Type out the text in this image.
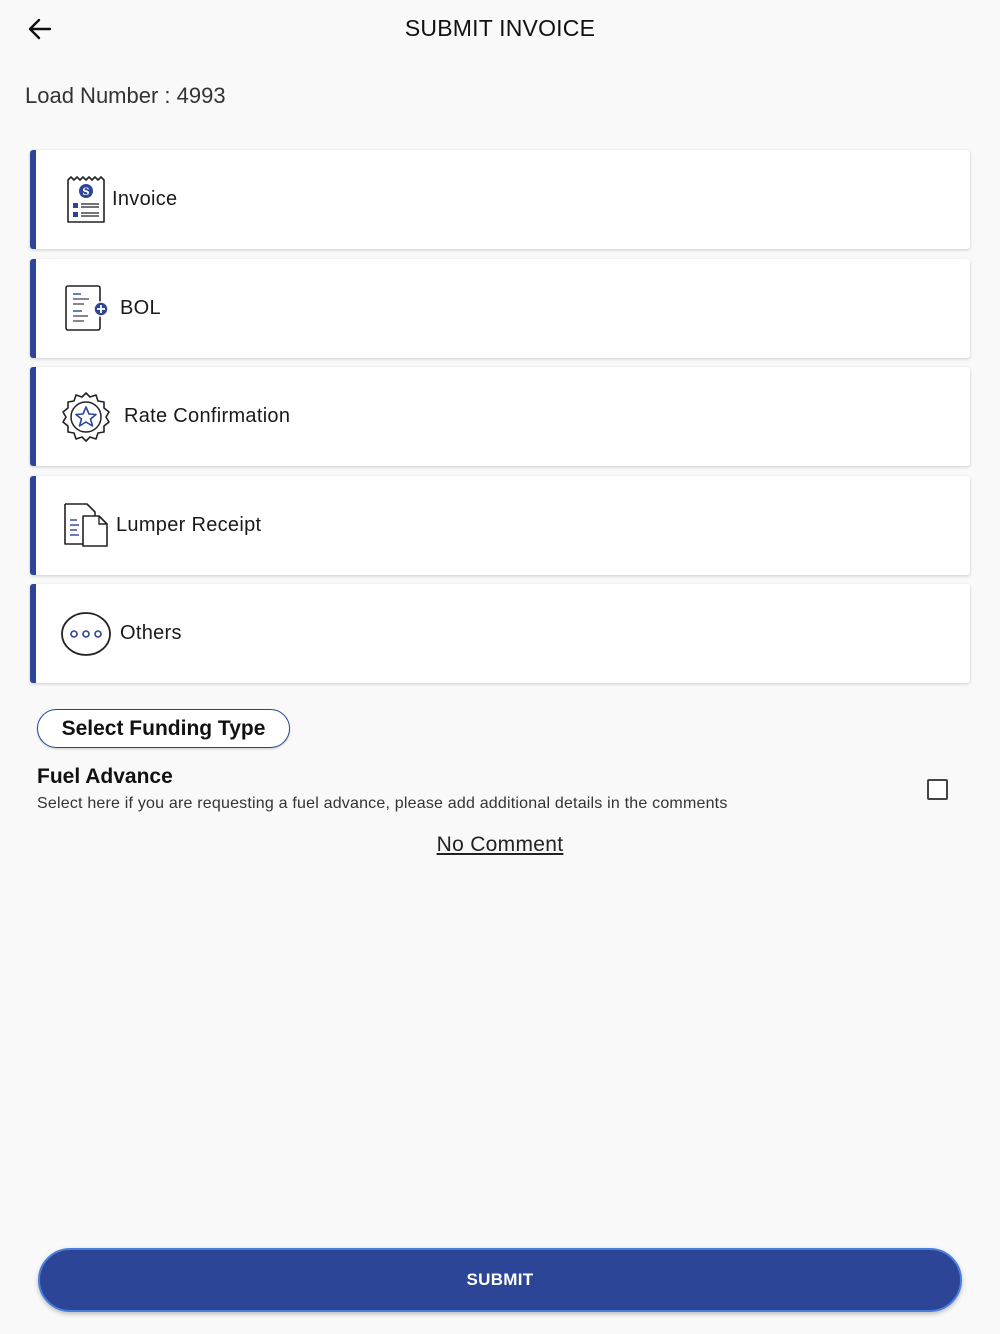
SUBMIT INVOICE
Load Number : 4993
S Invoice
BOL
Rate Confirmation
Lumper Receipt
Others
Select Funding Type
Fuel Advance
Select here if you are requesting a fuel advance, please add additional details in the comments
No Comment
SUBMIT
